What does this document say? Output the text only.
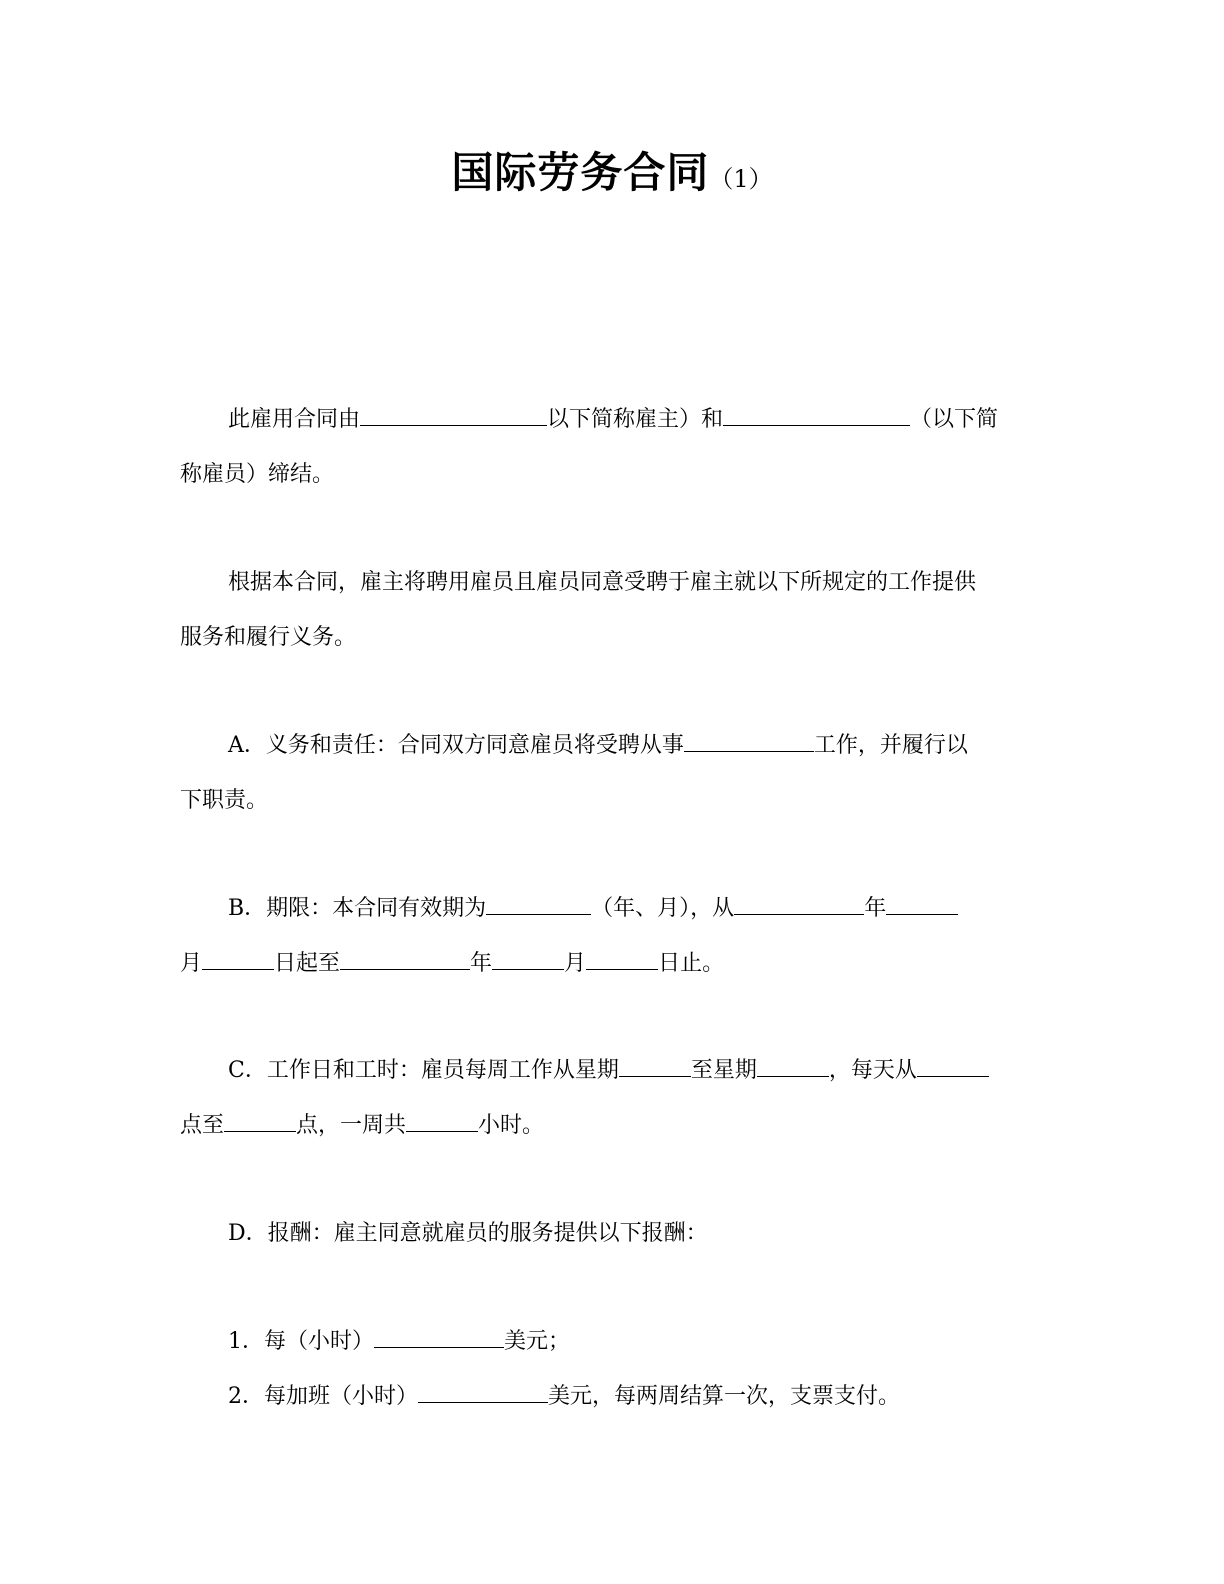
国际劳务合同（1）

此雇用合同由	以下简称雇主）和	（以下简
称雇员）缔结。

根据本合同，雇主将聘用雇员且雇员同意受聘于雇主就以下所规定的工作提供
服务和履行义务。

A．义务和责任：合同双方同意雇员将受聘从事	工作，并履行以
下职责。

B．期限：本合同有效期为	（年、月），从	年
月	日起至	年	月	日止。

C．工作日和工时：雇员每周工作从星期	至星期	，每天从
点至	点，一周共	小时。

D．报酬：雇主同意就雇员的服务提供以下报酬：

1．每（小时）	美元；

2．每加班（小时）	美元，每两周结算一次，支票支付。
